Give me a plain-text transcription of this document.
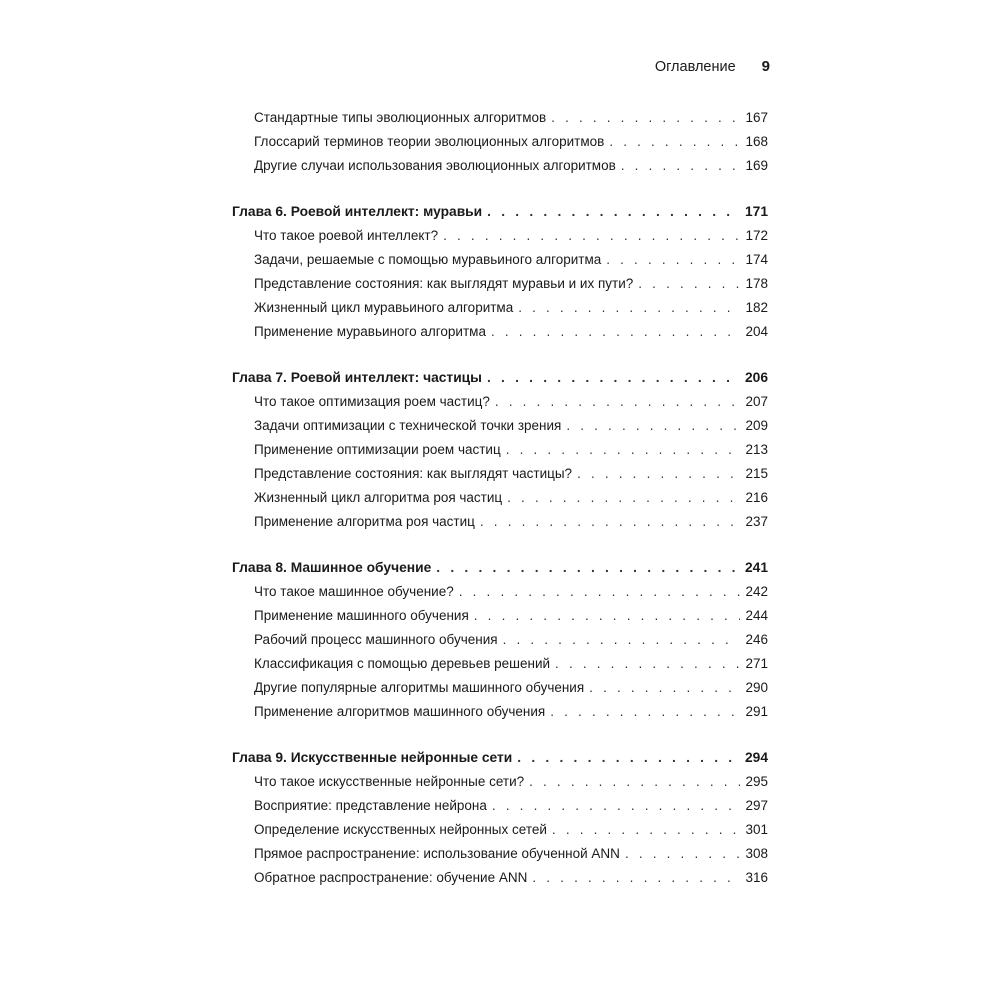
Оглавление 9
Стандартные типы эволюционных алгоритмов . . .	167
Глоссарий терминов теории эволюционных алгоритмов . . .	168
Другие случаи использования эволюционных алгоритмов . . .	169
Глава 6. Роевой интеллект: муравьи . . .	171
Что такое роевой интеллект? . . .	172
Задачи, решаемые с помощью муравьиного алгоритма . . .	174
Представление состояния: как выглядят муравьи и их пути? . . .	178
Жизненный цикл муравьиного алгоритма . . .	182
Применение муравьиного алгоритма . . .	204
Глава 7. Роевой интеллект: частицы . . .	206
Что такое оптимизация роем частиц? . . .	207
Задачи оптимизации с технической точки зрения . . .	209
Применение оптимизации роем частиц . . .	213
Представление состояния: как выглядят частицы? . . .	215
Жизненный цикл алгоритма роя частиц . . .	216
Применение алгоритма роя частиц . . .	237
Глава 8. Машинное обучение . . .	241
Что такое машинное обучение? . . .	242
Применение машинного обучения . . .	244
Рабочий процесс машинного обучения . . .	246
Классификация с помощью деревьев решений . . .	271
Другие популярные алгоритмы машинного обучения . . .	290
Применение алгоритмов машинного обучения . . .	291
Глава 9. Искусственные нейронные сети . . .	294
Что такое искусственные нейронные сети? . . .	295
Восприятие: представление нейрона . . .	297
Определение искусственных нейронных сетей . . .	301
Прямое распространение: использование обученной ANN . . .	308
Обратное распространение: обучение ANN . . .	316
